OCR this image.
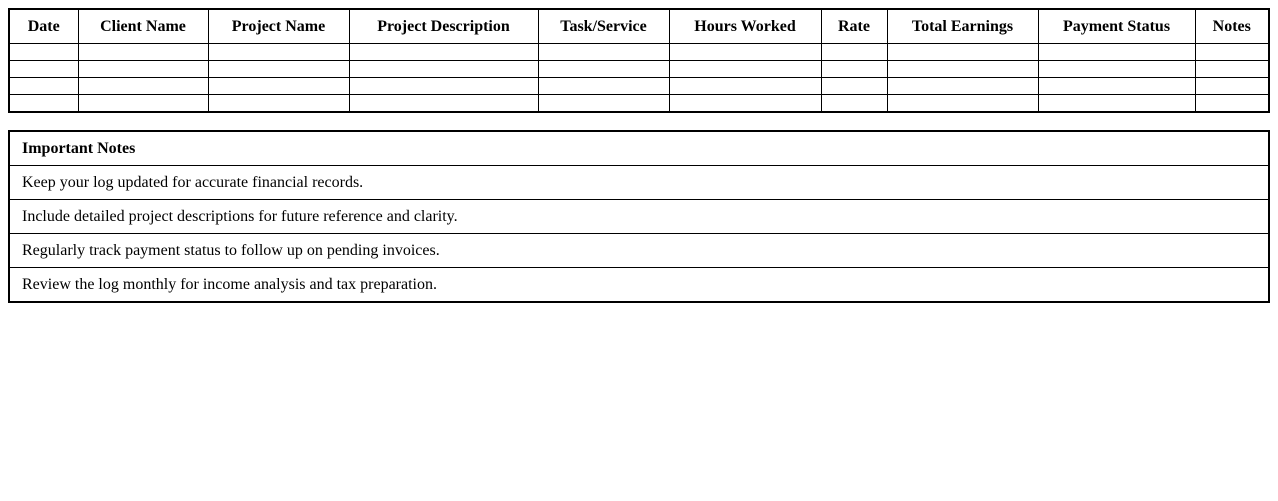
Date	Client Name	Project Name	Project Description	Task/Service	Hours Worked	Rate	Total Earnings	Payment Status	Notes

Important Notes
Keep your log updated for accurate financial records.
Include detailed project descriptions for future reference and clarity.
Regularly track payment status to follow up on pending invoices.
Review the log monthly for income analysis and tax preparation.
